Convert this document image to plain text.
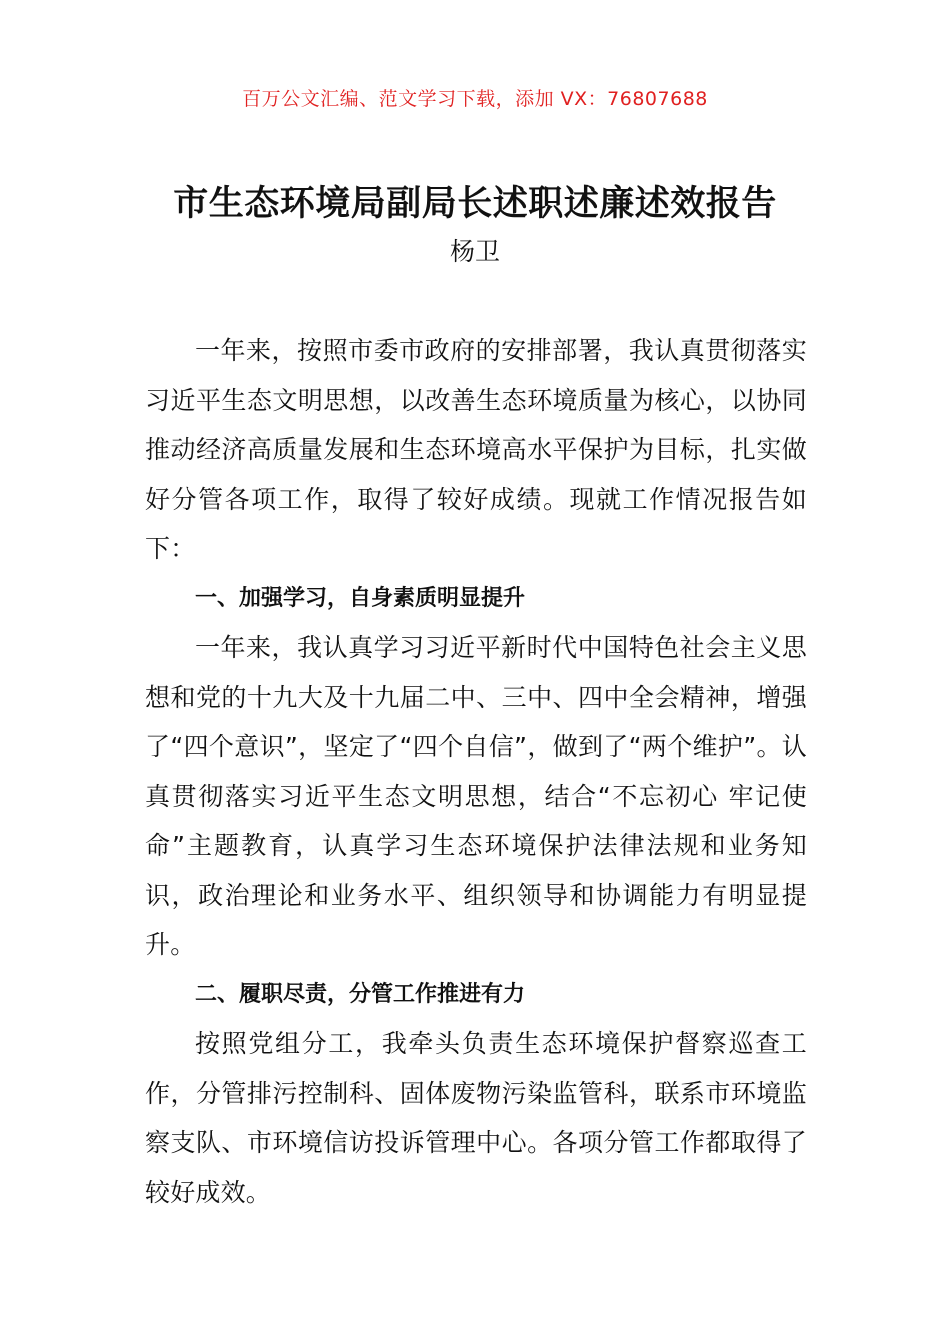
百万公文汇编、范文学习下载，添加 VX：76807688
市生态环境局副局长述职述廉述效报告
杨卫

一年来，按照市委市政府的安排部署，我认真贯彻落实习近平生态文明思想，以改善生态环境质量为核心，以协同推动经济高质量发展和生态环境高水平保护为目标，扎实做好分管各项工作，取得了较好成绩。现就工作情况报告如下：

一、加强学习，自身素质明显提升

一年来，我认真学习习近平新时代中国特色社会主义思想和党的十九大及十九届二中、三中、四中全会精神，增强了“四个意识”，坚定了“四个自信”，做到了“两个维护”。认真贯彻落实习近平生态文明思想，结合“不忘初心 牢记使命”主题教育，认真学习生态环境保护法律法规和业务知识，政治理论和业务水平、组织领导和协调能力有明显提升。

二、履职尽责，分管工作推进有力

按照党组分工，我牵头负责生态环境保护督察巡查工作，分管排污控制科、固体废物污染监管科，联系市环境监察支队、市环境信访投诉管理中心。各项分管工作都取得了较好成效。
